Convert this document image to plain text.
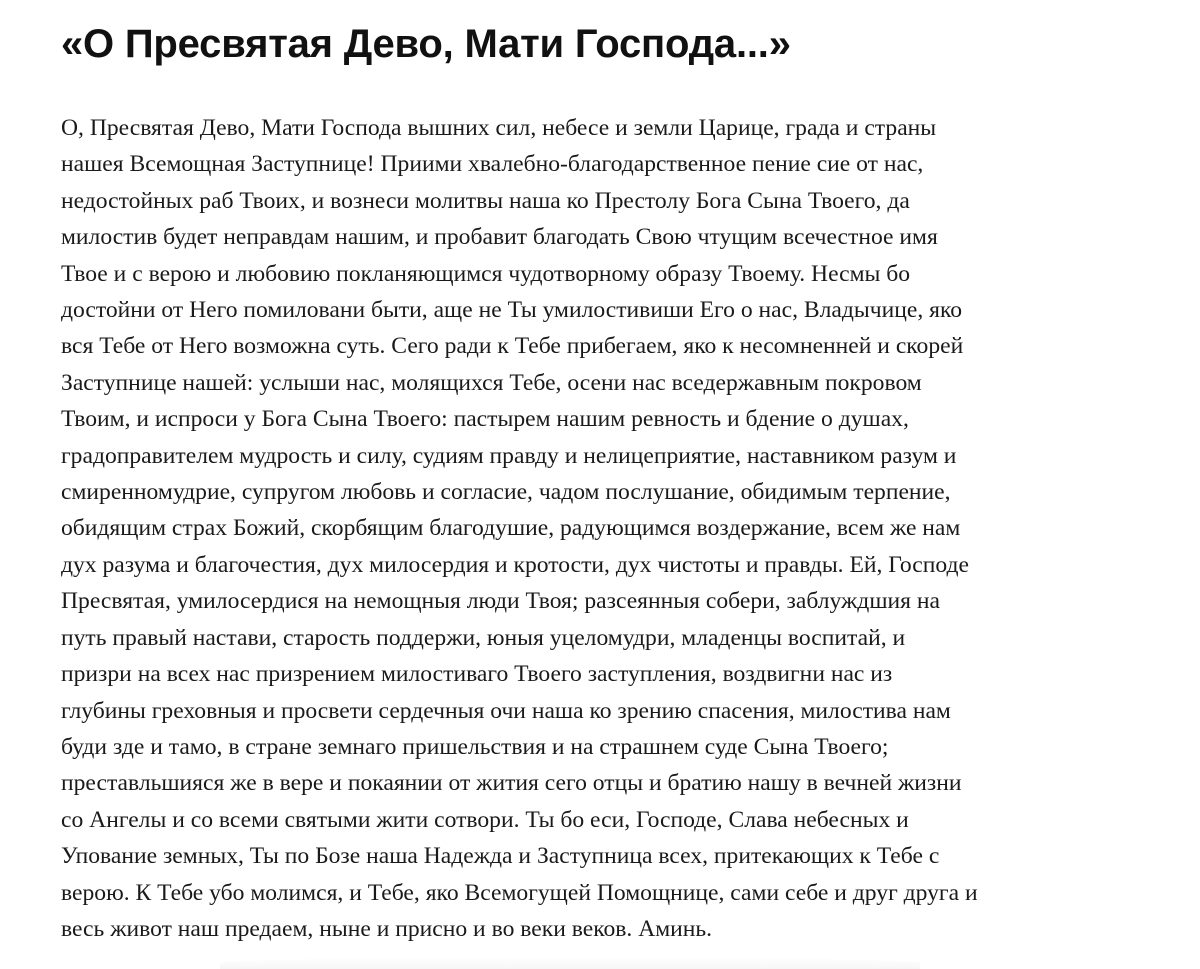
«О Пресвятая Дево, Мати Господа...»

О, Пресвятая Дево, Мати Господа вышних сил, небесе и земли Царице, града и страны
нашея Всемощная Заступнице! Приими хвалебно-благодарственное пение сие от нас,
недостойных раб Твоих, и вознеси молитвы наша ко Престолу Бога Сына Твоего, да
милостив будет неправдам нашим, и пробавит благодать Свою чтущим всечестное имя
Твое и с верою и любовию покланяющимся чудотворному образу Твоему. Несмы бо
достойни от Него помиловани быти, аще не Ты умилостивиши Его о нас, Владычице, яко
вся Тебе от Него возможна суть. Сего ради к Тебе прибегаем, яко к несомненней и скорей
Заступнице нашей: услыши нас, молящихся Тебе, осени нас вседержавным покровом
Твоим, и испроси у Бога Сына Твоего: пастырем нашим ревность и бдение о душах,
градоправителем мудрость и силу, судиям правду и нелицеприятие, наставником разум и
смиренномудрие, супругом любовь и согласие, чадом послушание, обидимым терпение,
обидящим страх Божий, скорбящим благодушие, радующимся воздержание, всем же нам
дух разума и благочестия, дух милосердия и кротости, дух чистоты и правды. Ей, Господе
Пресвятая, умилосердися на немощныя люди Твоя; разсеянныя собери, заблуждшия на
путь правый настави, старость поддержи, юныя уцеломудри, младенцы воспитай, и
призри на всех нас призрением милостиваго Твоего заступления, воздвигни нас из
глубины греховныя и просвети сердечныя очи наша ко зрению спасения, милостива нам
буди зде и тамо, в стране земнаго пришельствия и на страшнем суде Сына Твоего;
преставльшияся же в вере и покаянии от жития сего отцы и братию нашу в вечней жизни
со Ангелы и со всеми святыми жити сотвори. Ты бо еси, Господе, Слава небесных и
Упование земных, Ты по Бозе наша Надежда и Заступница всех, притекающих к Тебе с
верою. К Тебе убо молимся, и Тебе, яко Всемогущей Помощнице, сами себе и друг друга и
весь живот наш предаем, ныне и присно и во веки веков. Аминь.
